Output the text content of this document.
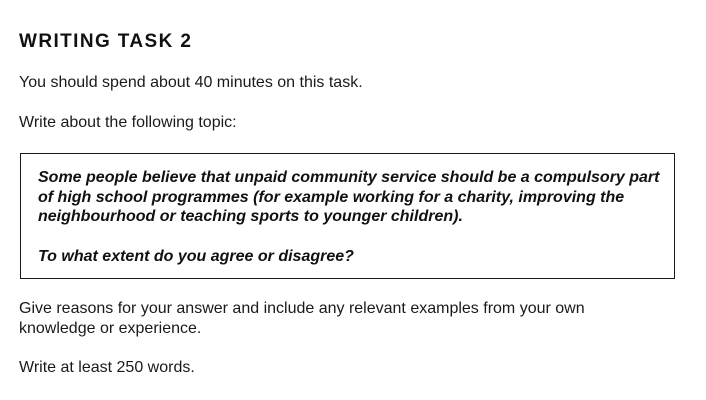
WRITING TASK 2

You should spend about 40 minutes on this task.

Write about the following topic:

Some people believe that unpaid community service should be a compulsory part of high school programmes (for example working for a charity, improving the neighbourhood or teaching sports to younger children).

To what extent do you agree or disagree?

Give reasons for your answer and include any relevant examples from your own knowledge or experience.

Write at least 250 words.
